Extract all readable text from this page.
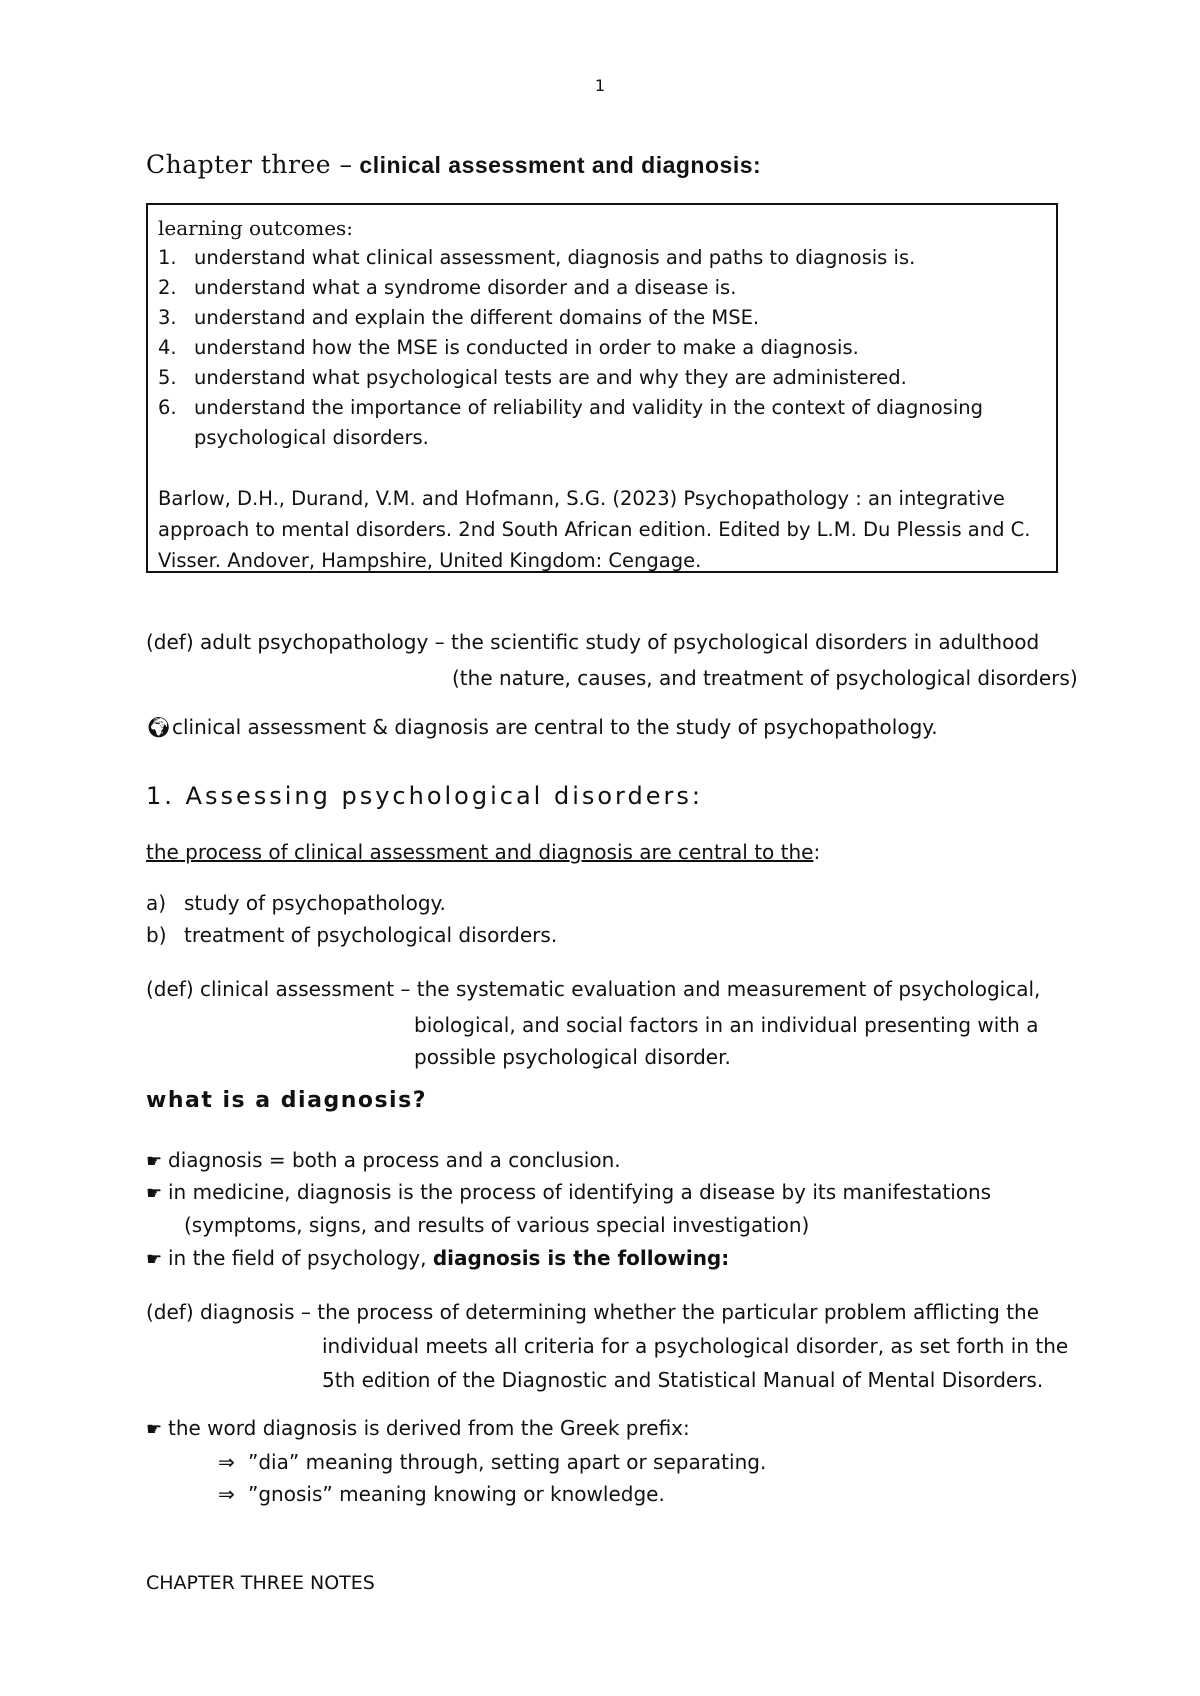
1
Chapter three – clinical assessment and diagnosis:
learning outcomes:
1. understand what clinical assessment, diagnosis and paths to diagnosis is.
2. understand what a syndrome disorder and a disease is.
3. understand and explain the different domains of the MSE.
4. understand how the MSE is conducted in order to make a diagnosis.
5. understand what psychological tests are and why they are administered.
6. understand the importance of reliability and validity in the context of diagnosing psychological disorders.
Barlow, D.H., Durand, V.M. and Hofmann, S.G. (2023) Psychopathology : an integrative approach to mental disorders. 2nd South African edition. Edited by L.M. Du Plessis and C. Visser. Andover, Hampshire, United Kingdom: Cengage.
(def) adult psychopathology – the scientific study of psychological disorders in adulthood
(the nature, causes, and treatment of psychological disorders)
🌍︎clinical assessment & diagnosis are central to the study of psychopathology.
1. Assessing psychological disorders:
the process of clinical assessment and diagnosis are central to the:
a) study of psychopathology.
b) treatment of psychological disorders.
(def) clinical assessment – the systematic evaluation and measurement of psychological,
biological, and social factors in an individual presenting with a
possible psychological disorder.
what is a diagnosis?
☛ diagnosis = both a process and a conclusion.
☛ in medicine, diagnosis is the process of identifying a disease by its manifestations
(symptoms, signs, and results of various special investigation)
☛ in the field of psychology, diagnosis is the following:
(def) diagnosis – the process of determining whether the particular problem afflicting the
individual meets all criteria for a psychological disorder, as set forth in the
5th edition of the Diagnostic and Statistical Manual of Mental Disorders.
☛ the word diagnosis is derived from the Greek prefix:
⇒ ”dia” meaning through, setting apart or separating.
⇒ ”gnosis” meaning knowing or knowledge.
CHAPTER THREE NOTES
